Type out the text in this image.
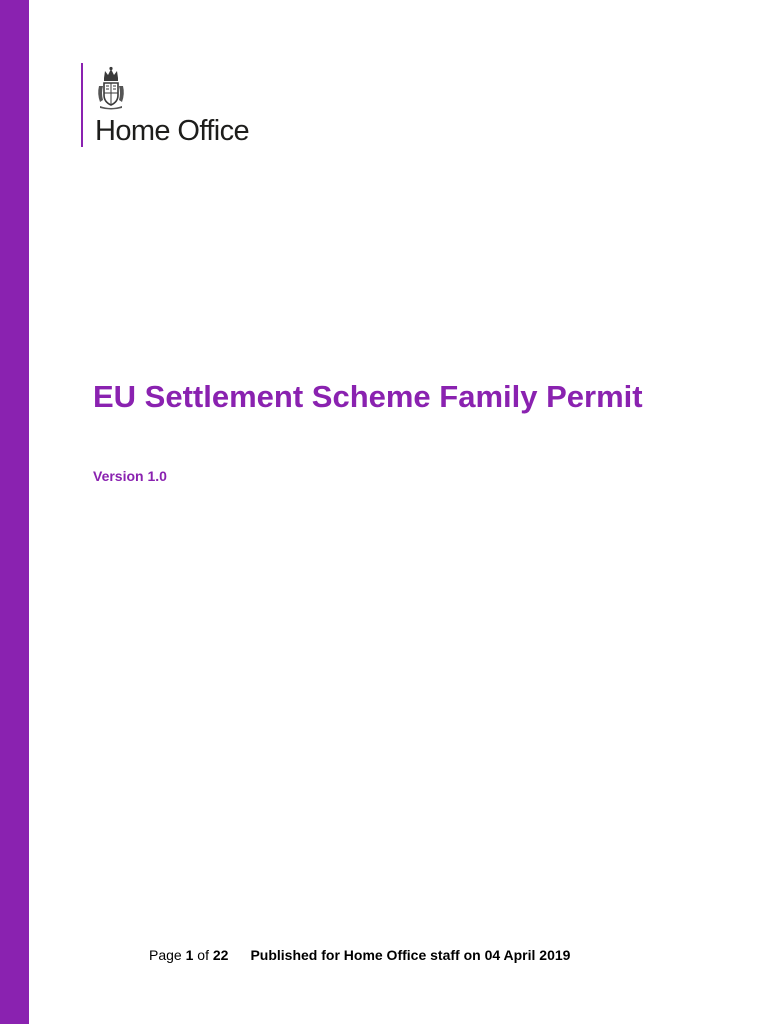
Home Office
EU Settlement Scheme Family Permit
Version 1.0
Page 1 of 22 Published for Home Office staff on 04 April 2019
